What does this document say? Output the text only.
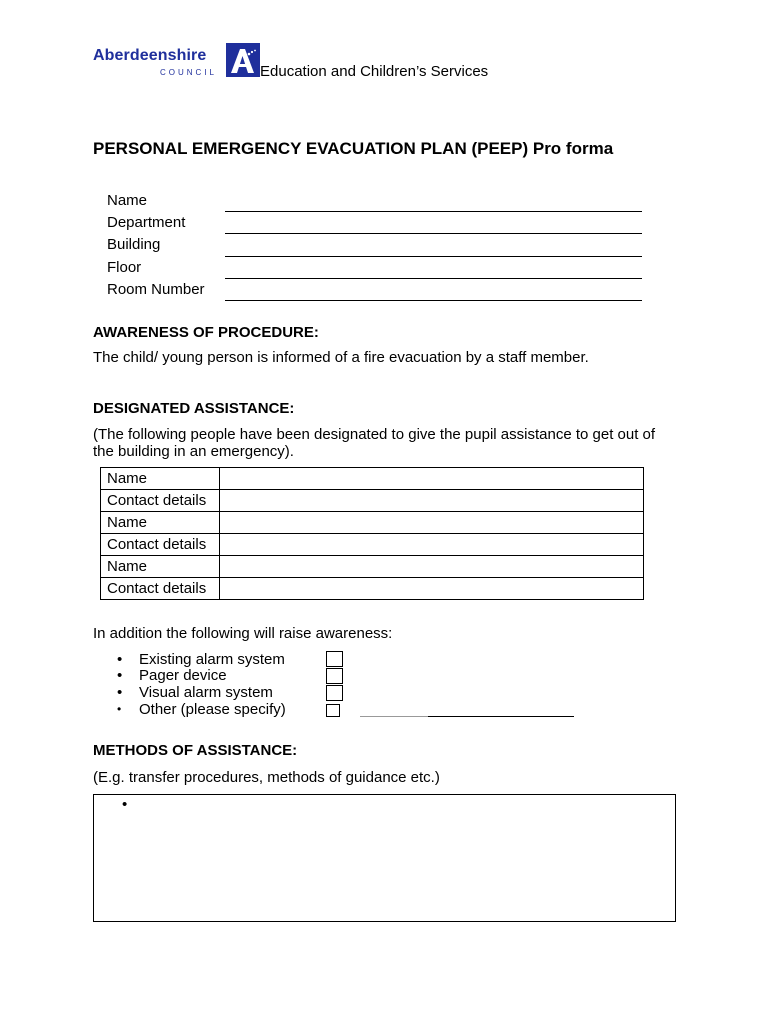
Aberdeenshire
COUNCIL	Education and Children’s Services
PERSONAL EMERGENCY EVACUATION PLAN (PEEP) Pro forma
Name
Department
Building
Floor
Room Number
AWARENESS OF PROCEDURE:
The child/ young person is informed of a fire evacuation by a staff member.
DESIGNATED ASSISTANCE:
(The following people have been designated to give the pupil assistance to get out of
the building in an emergency).
Name	
Contact details	
Name	
Contact details	
Name	
Contact details	
In addition the following will raise awareness:
• Existing alarm system
• Pager device
• Visual alarm system
• Other (please specify)
METHODS OF ASSISTANCE:
(E.g. transfer procedures, methods of guidance etc.)
•
